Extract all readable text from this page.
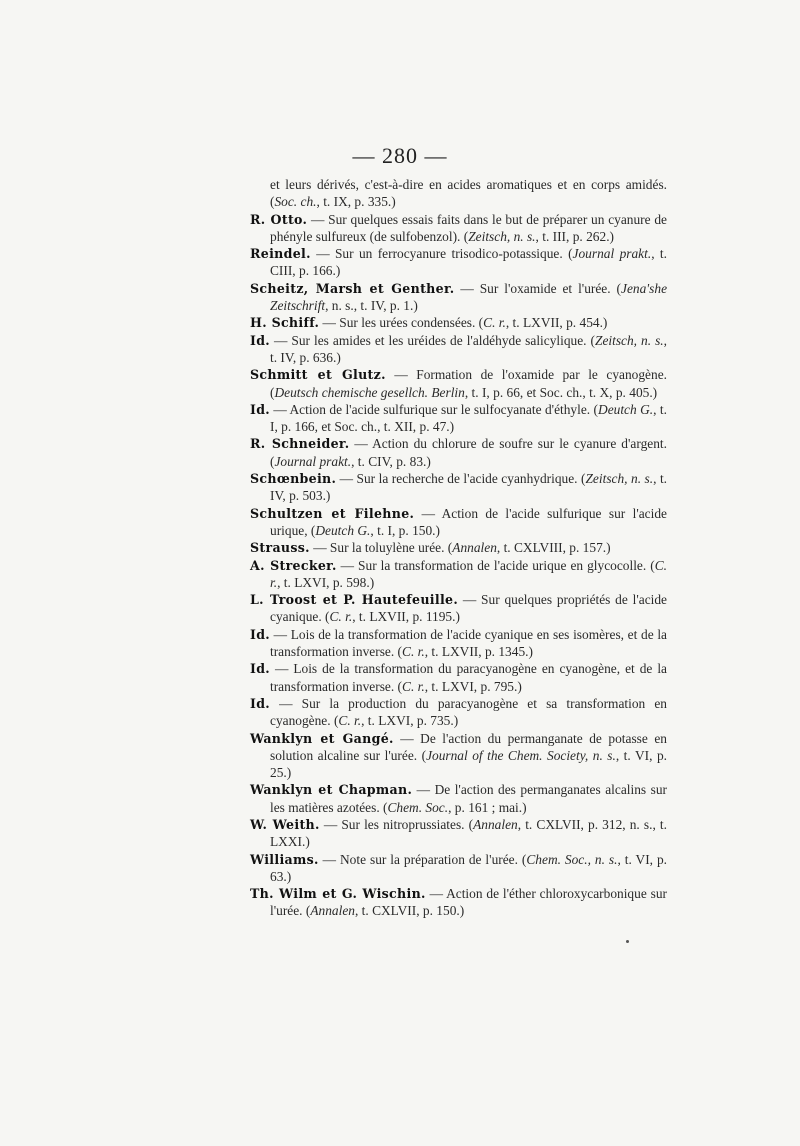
— 280 —
et leurs dérivés, c'est-à-dire en acides aromatiques et en corps amidés. (Soc. ch., t. IX, p. 335.)
R. Otto. — Sur quelques essais faits dans le but de préparer un cyanure de phényle sulfureux (de sulfobenzol). (Zeitsch, n. s., t. III, p. 262.)
Reindel. — Sur un ferrocyanure trisodico-potassique. (Journal prakt., t. CIII, p. 166.)
Scheitz, Marsh et Genther. — Sur l'oxamide et l'urée. (Jena'she Zeitschrift, n. s., t. IV, p. 1.)
H. Schiff. — Sur les urées condensées. (C. r., t. LXVII, p. 454.)
Id. — Sur les amides et les uréides de l'aldéhyde salicylique. (Zeitsch, n. s., t. IV, p. 636.)
Schmitt et Glutz. — Formation de l'oxamide par le cyanogène. (Deutsch chemische gesellch. Berlin, t. I, p. 66, et Soc. ch., t. X, p. 405.)
Id. — Action de l'acide sulfurique sur le sulfocyanate d'éthyle. (Deutch G., t. I, p. 166, et Soc. ch., t. XII, p. 47.)
R. Schneider. — Action du chlorure de soufre sur le cyanure d'argent. (Journal prakt., t. CIV, p. 83.)
Schœnbein. — Sur la recherche de l'acide cyanhydrique. (Zeitsch, n. s., t. IV, p. 503.)
Schultzen et Filehne. — Action de l'acide sulfurique sur l'acide urique, (Deutch G., t. I, p. 150.)
Strauss. — Sur la toluylène urée. (Annalen, t. CXLVIII, p. 157.)
A. Strecker. — Sur la transformation de l'acide urique en glycocolle. (C. r., t. LXVI, p. 598.)
L. Troost et P. Hautefeuille. — Sur quelques propriétés de l'acide cyanique. (C. r., t. LXVII, p. 1195.)
Id. — Lois de la transformation de l'acide cyanique en ses isomères, et de la transformation inverse. (C. r., t. LXVII, p. 1345.)
Id. — Lois de la transformation du paracyanogène en cyanogène, et de la transformation inverse. (C. r., t. LXVI, p. 795.)
Id. — Sur la production du paracyanogène et sa transformation en cyanogène. (C. r., t. LXVI, p. 735.)
Wanklyn et Gangé. — De l'action du permanganate de potasse en solution alcaline sur l'urée. (Journal of the Chem. Society, n. s., t. VI, p. 25.)
Wanklyn et Chapman. — De l'action des permanganates alcalins sur les matières azotées. (Chem. Soc., p. 161 ; mai.)
W. Weith. — Sur les nitroprussiates. (Annalen, t. CXLVII, p. 312, n. s., t. LXXI.)
Williams. — Note sur la préparation de l'urée. (Chem. Soc., n. s., t. VI, p. 63.)
Th. Wilm et G. Wischin. — Action de l'éther chloroxycarbonique sur l'urée. (Annalen, t. CXLVII, p. 150.)
